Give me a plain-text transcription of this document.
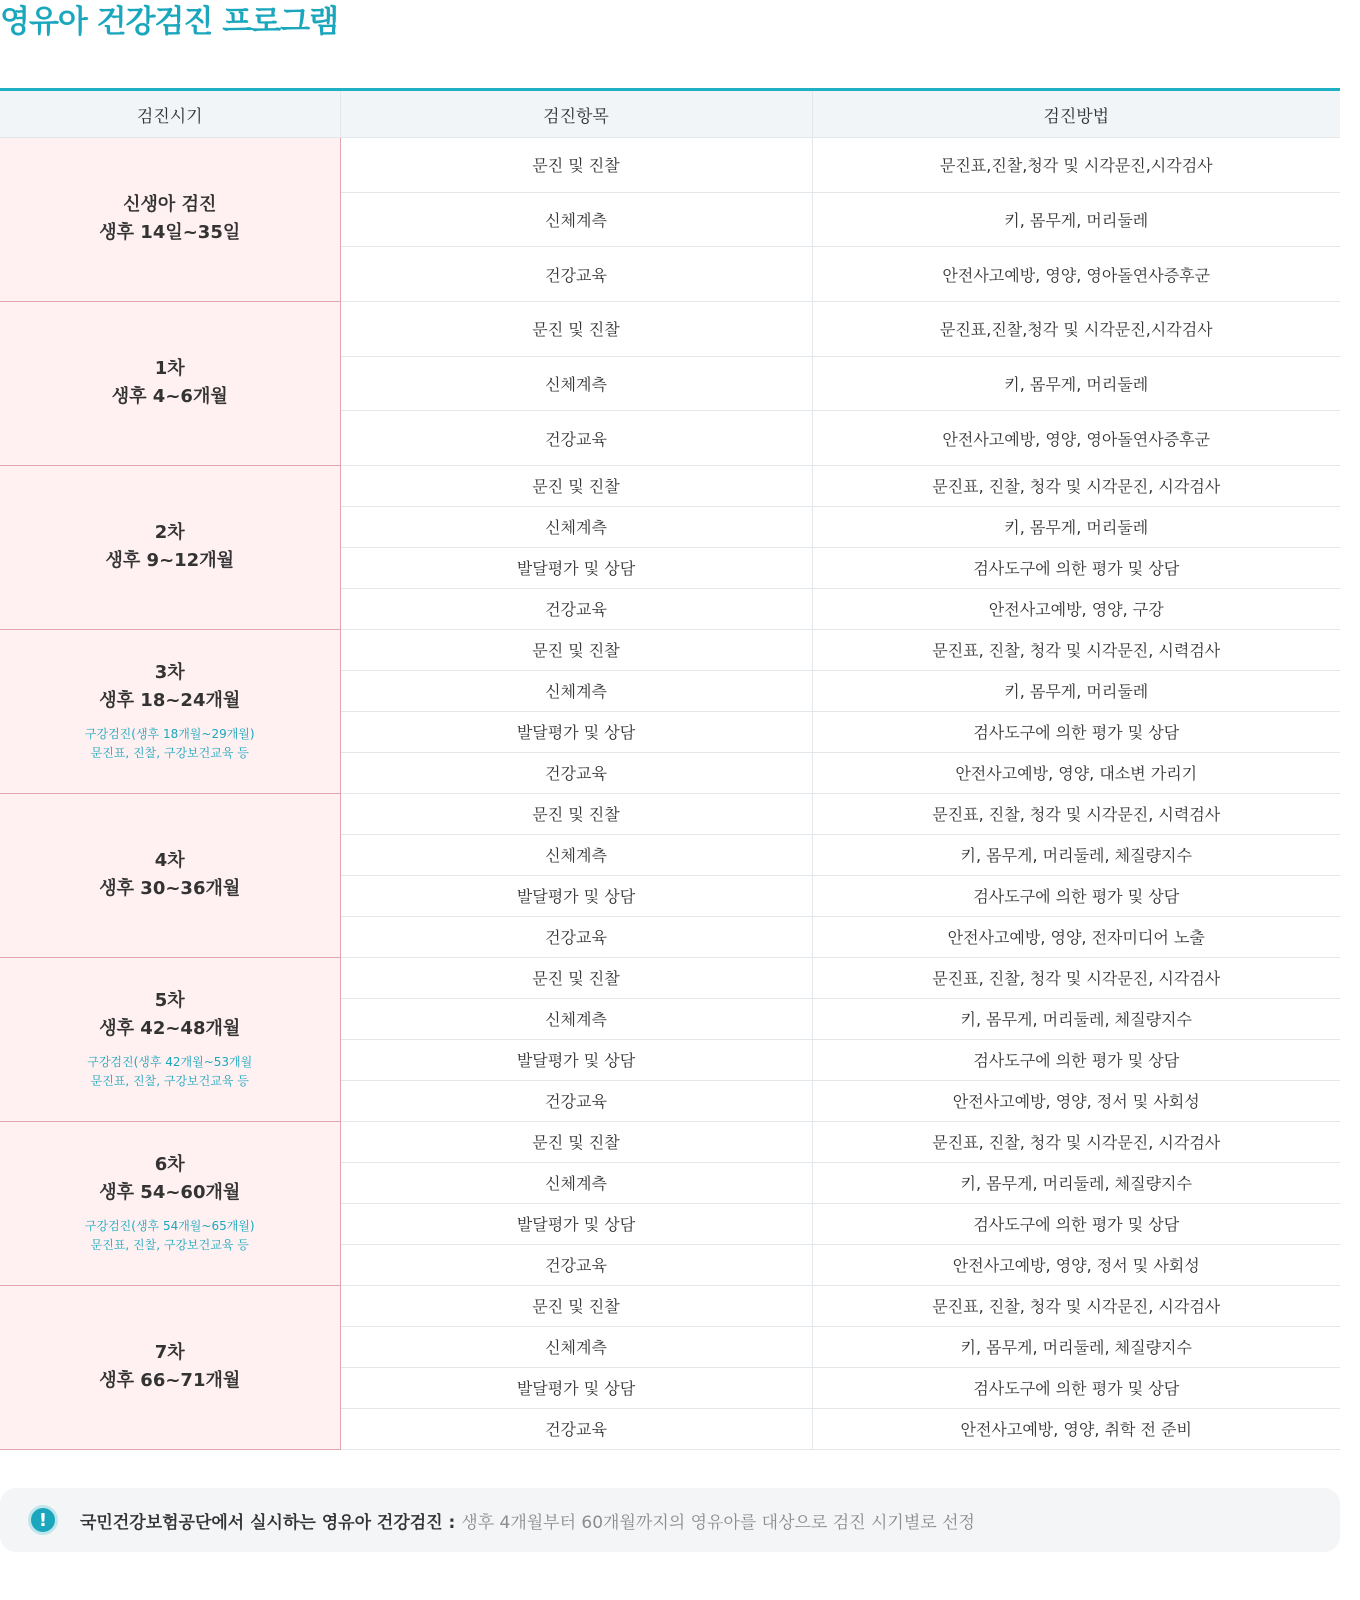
영유아 건강검진 프로그램
검진시기	검진항목	검진방법

신생아 검진
생후 14일~35일	문진 및 진찰	문진표,진찰,청각 및 시각문진,시각검사
	신체계측	키, 몸무게, 머리둘레
	건강교육	안전사고예방, 영양, 영아돌연사증후군

1차
생후 4~6개월	문진 및 진찰	문진표,진찰,청각 및 시각문진,시각검사
	신체계측	키, 몸무게, 머리둘레
	건강교육	안전사고예방, 영양, 영아돌연사증후군

2차
생후 9~12개월	문진 및 진찰	문진표, 진찰, 청각 및 시각문진, 시각검사
	신체계측	키, 몸무게, 머리둘레
	발달평가 및 상담	검사도구에 의한 평가 및 상담
	건강교육	안전사고예방, 영양, 구강

3차
생후 18~24개월
구강검진(생후 18개월~29개월)
문진표, 진찰, 구강보건교육 등	문진 및 진찰	문진표, 진찰, 청각 및 시각문진, 시력검사
	신체계측	키, 몸무게, 머리둘레
	발달평가 및 상담	검사도구에 의한 평가 및 상담
	건강교육	안전사고예방, 영양, 대소변 가리기

4차
생후 30~36개월	문진 및 진찰	문진표, 진찰, 청각 및 시각문진, 시력검사
	신체계측	키, 몸무게, 머리둘레, 체질량지수
	발달평가 및 상담	검사도구에 의한 평가 및 상담
	건강교육	안전사고예방, 영양, 전자미디어 노출

5차
생후 42~48개월
구강검진(생후 42개월~53개월
문진표, 진찰, 구강보건교육 등	문진 및 진찰	문진표, 진찰, 청각 및 시각문진, 시각검사
	신체계측	키, 몸무게, 머리둘레, 체질량지수
	발달평가 및 상담	검사도구에 의한 평가 및 상담
	건강교육	안전사고예방, 영양, 정서 및 사회성

6차
생후 54~60개월
구강검진(생후 54개월~65개월)
문진표, 진찰, 구강보건교육 등	문진 및 진찰	문진표, 진찰, 청각 및 시각문진, 시각검사
	신체계측	키, 몸무게, 머리둘레, 체질량지수
	발달평가 및 상담	검사도구에 의한 평가 및 상담
	건강교육	안전사고예방, 영양, 정서 및 사회성

7차
생후 66~71개월	문진 및 진찰	문진표, 진찰, 청각 및 시각문진, 시각검사
	신체계측	키, 몸무게, 머리둘레, 체질량지수
	발달평가 및 상담	검사도구에 의한 평가 및 상담
	건강교육	안전사고예방, 영양, 취학 전 준비
!	국민건강보험공단에서 실시하는 영유아 건강검진 : 생후 4개월부터 60개월까지의 영유아를 대상으로 검진 시기별로 선정
